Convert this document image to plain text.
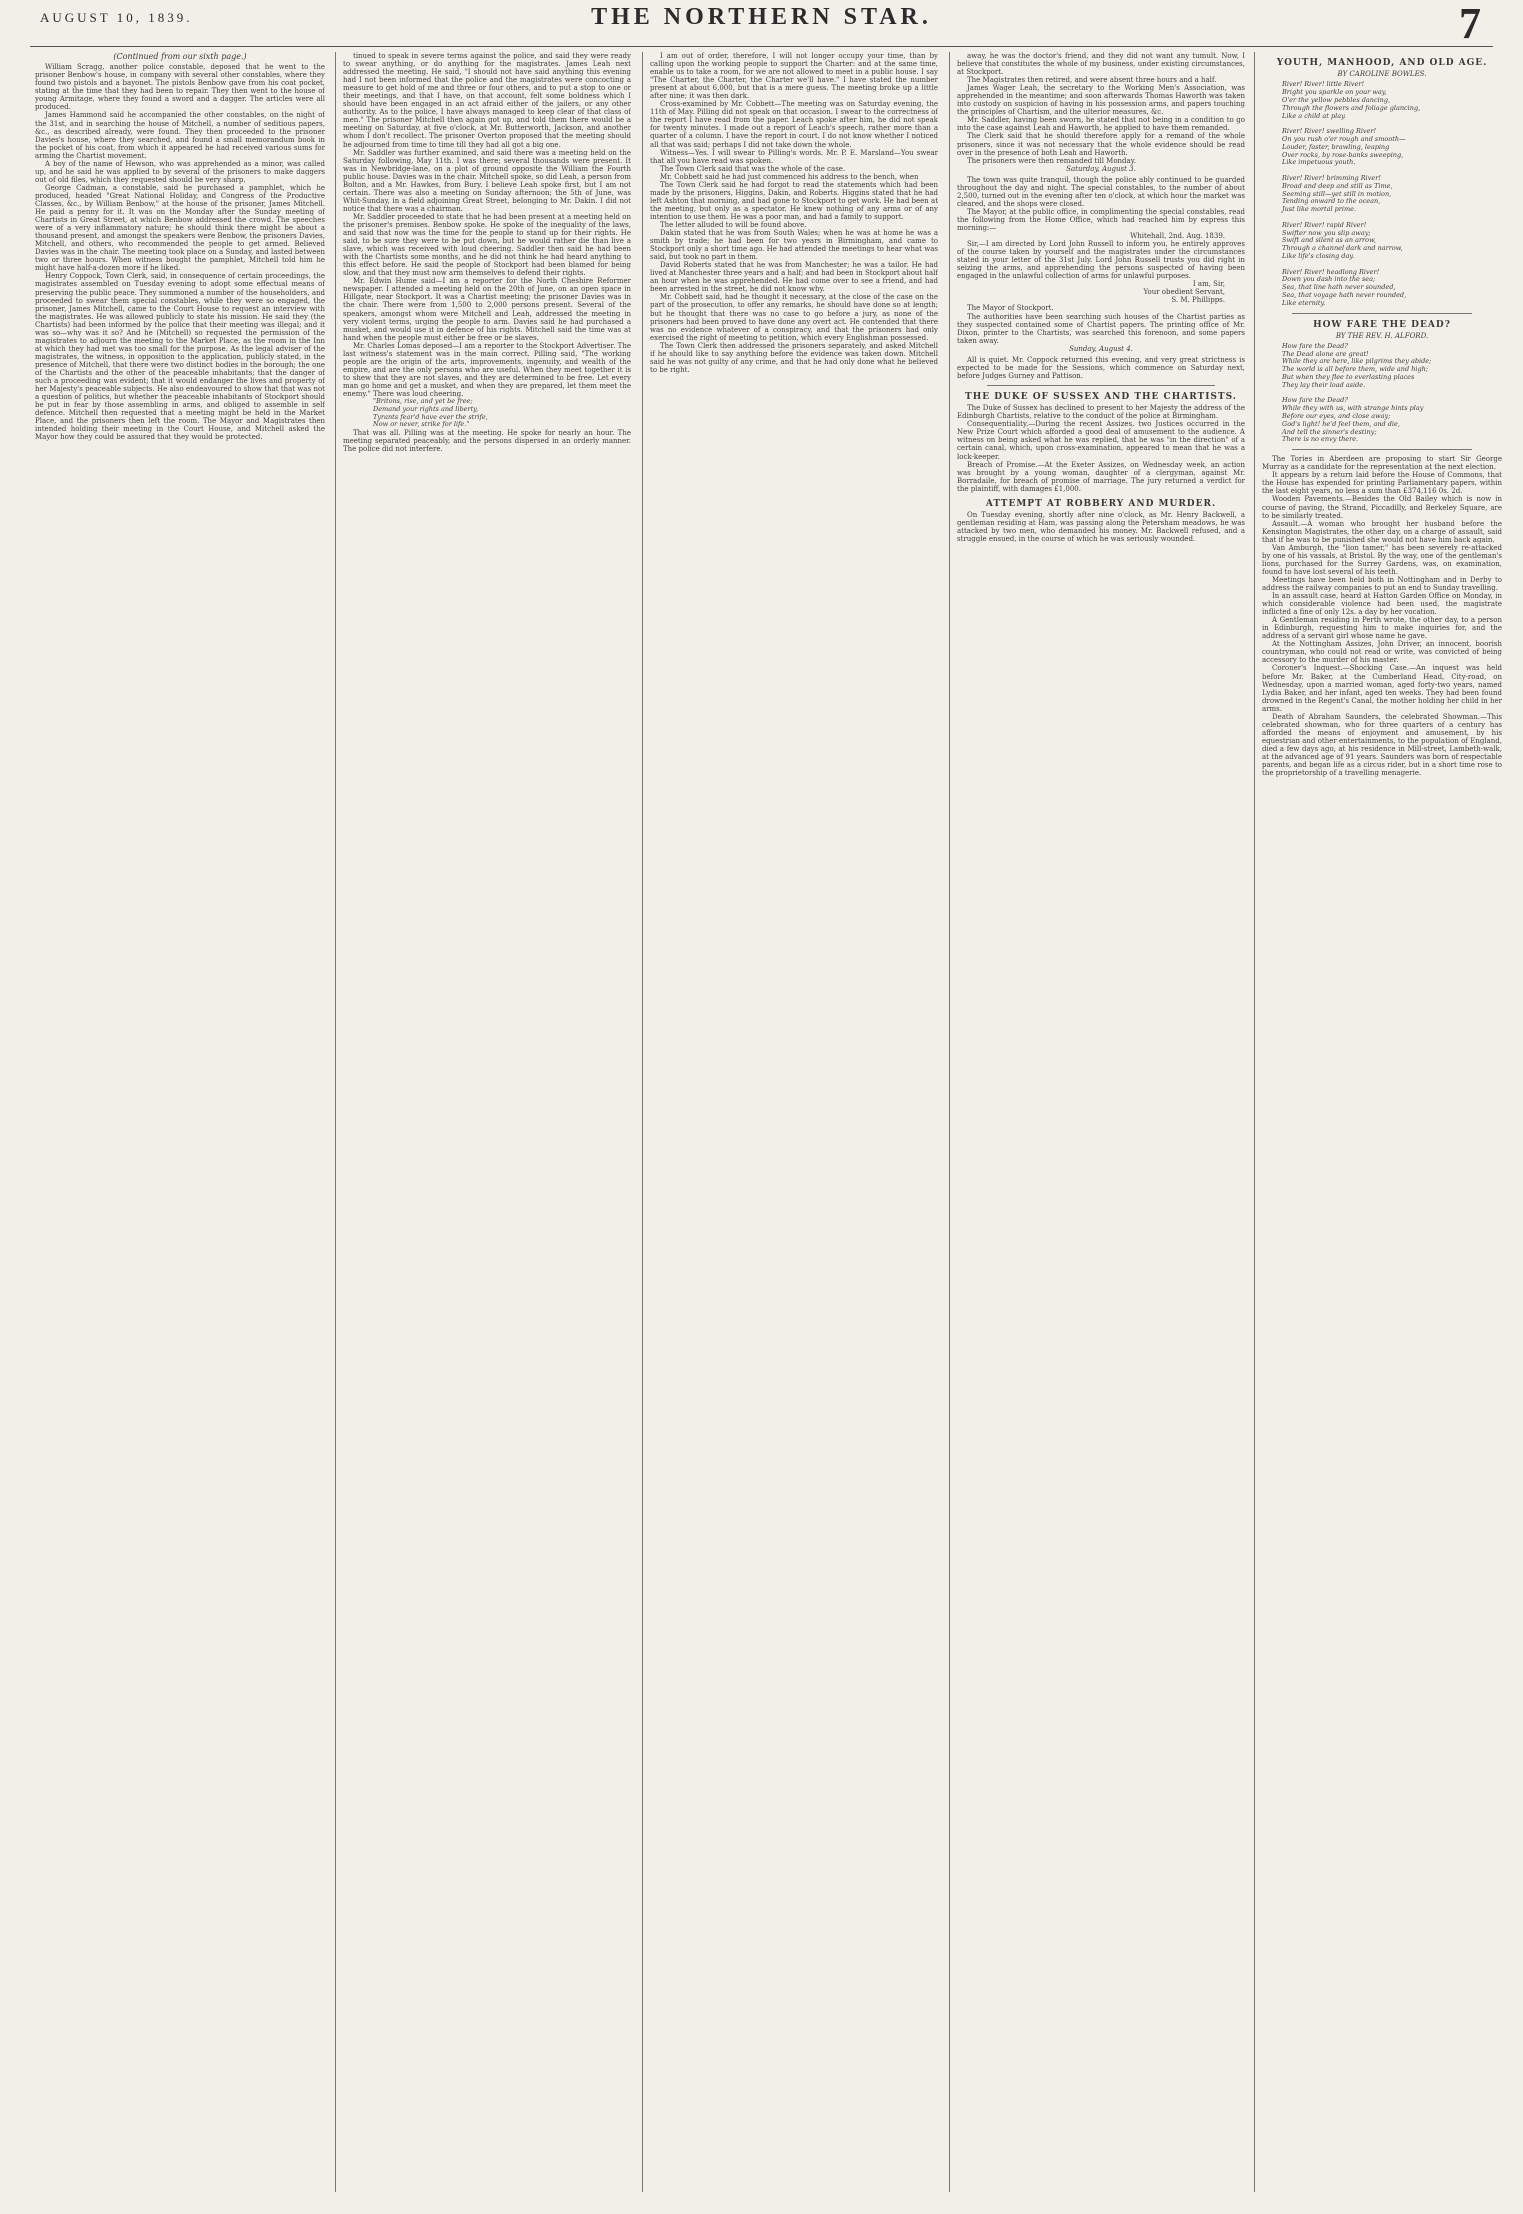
AUGUST 10, 1839.	THE NORTHERN STAR.	7
(Continued from our sixth page.)

William Scragg, another police constable, deposed that he went to the prisoner Benbow's house, in company with several other constables, where they found two pistols and a bayonet. The pistols Benbow gave from his coat pocket, stating at the time that they had been to repair. They then went to the house of young Armitage, where they found a sword and a dagger. The articles were all produced.

James Hammond said he accompanied the other constables, on the night of the 31st, and in searching the house of Mitchell, a number of seditious papers, &c., as described already, were found. They then proceeded to the prisoner Davies's house, where they searched, and found a small memorandum book in the pocket of his coat, from which it appeared he had received various sums for arming the Chartist movement.

A boy of the name of Hewson, who was apprehended as a minor, was called up, and he said he was applied to by several of the prisoners to make daggers out of old files, which they requested should be very sharp.

George Cadman, a constable, said he purchased a pamphlet, which he produced, headed "Great National Holiday, and Congress of the Productive Classes, &c., by William Benbow," at the house of the prisoner, James Mitchell. He paid a penny for it. It was on the Monday after the Sunday meeting of Chartists in Great Street, at which Benbow addressed the crowd. The speeches were of a very inflammatory nature; he should think there might be about a thousand present, and amongst the speakers were Benbow, the prisoners Davies, Mitchell, and others, who recommended the people to get armed. Believed Davies was in the chair. The meeting took place on a Sunday, and lasted between two or three hours. When witness bought the pamphlet, Mitchell told him he might have half-a-dozen more if he liked.

Henry Coppock, Town Clerk, said, in consequence of certain proceedings, the magistrates assembled on Tuesday evening to adopt some effectual means of preserving the public peace. They summoned a number of the householders, and proceeded to swear them special constables, while they were so engaged, the prisoner, James Mitchell, came to the Court House to request an interview with the magistrates. He was allowed publicly to state his mission. He said they (the Chartists) had been informed by the police that their meeting was illegal; and it was so—why was it so? And he (Mitchell) so requested the permission of the magistrates to adjourn the meeting to the Market Place, as the room in the Inn at which they had met was too small for the purpose. As the legal adviser of the magistrates, the witness, in opposition to the application, publicly stated, in the presence of Mitchell, that there were two distinct bodies in the borough; the one of the Chartists and the other of the peaceable inhabitants; that the danger of such a proceeding was evident; that it would endanger the lives and property of her Majesty's peaceable subjects. He also endeavoured to show that that was not a question of politics, but whether the peaceable inhabitants of Stockport should be put in fear by those assembling in arms, and obliged to assemble in self defence. Mitchell then requested that a meeting might be held in the Market Place, and the prisoners then left the room. The Mayor and Magistrates then intended holding their meeting in the Court House, and Mitchell asked the Mayor how they could be assured that they would be protected.

tinued to speak in severe terms against the police, and said they were ready to swear anything, or do anything for the magistrates. James Leah next addressed the meeting. He said, "I should not have said anything this evening had I not been informed that the police and the magistrates were concocting a measure to get hold of me and three or four others, and to put a stop to one or their meetings, and that I have, on that account, felt some boldness which I should have been engaged in an act afraid either of the jailers, or any other authority. As to the police, I have always managed to keep clear of that class of men." The prisoner Mitchell then again got up, and told them there would be a meeting on Saturday, at five o'clock, at Mr. Butterworth, Jackson, and another whom I don't recollect. The prisoner Overton proposed that the meeting should be adjourned from time to time till they had all got a big one.

Mr. Saddler was further examined, and said there was a meeting held on the Saturday following, May 11th. I was there; several thousands were present. It was in Newbridge-lane, on a plot of ground opposite the William the Fourth public house. Davies was in the chair. Mitchell spoke, so did Leah, a person from Bolton, and a Mr. Hawkes, from Bury. I believe Leah spoke first, but I am not certain. There was also a meeting on Sunday afternoon; the 5th of June, was Whit-Sunday, in a field adjoining Great Street, belonging to Mr. Dakin. I did not notice that there was a chairman.

Mr. Saddler proceeded to state that he had been present at a meeting held on the prisoner's premises. Benbow spoke. He spoke of the inequality of the laws, and said that now was the time for the people to stand up for their rights. He said, to be sure they were to be put down, but he would rather die than live a slave, which was received with loud cheering. Saddler then said he had been with the Chartists some months, and he did not think he had heard anything to this effect before. He said the people of Stockport had been blamed for being slow, and that they must now arm themselves to defend their rights.

Mr. Edwin Hume said—I am a reporter for the North Cheshire Reformer newspaper. I attended a meeting held on the 20th of June, on an open space in Hillgate, near Stockport. It was a Chartist meeting; the prisoner Davies was in the chair. There were from 1,500 to 2,000 persons present. Several of the speakers, amongst whom were Mitchell and Leah, addressed the meeting in very violent terms, urging the people to arm. Davies said he had purchased a musket, and would use it in defence of his rights. Mitchell said the time was at hand when the people must either be free or be slaves.

Mr. Charles Lomas deposed—I am a reporter to the Stockport Advertiser. The last witness's statement was in the main correct. Pilling said, "The working people are the origin of the arts, improvements, ingenuity, and wealth of the empire, and are the only persons who are useful. When they meet together it is to shew that they are not slaves, and they are determined to be free. Let every man go home and get a musket, and when they are prepared, let them meet the enemy." There was loud cheering.

"Britons, rise, and yet be free;
Demand your rights and liberty,
Tyrants fear'd have ever the strife,
Now or never, strike for life."

That was all. Pilling was at the meeting. He spoke for nearly an hour. The meeting separated peaceably, and the persons dispersed in an orderly manner. The police did not interfere.

I am out of order, therefore, I will not longer occupy your time, than by calling upon the working people to support the Charter: and at the same time, enable us to take a room, for we are not allowed to meet in a public house. I say "The Charter, the Charter, the Charter we'll have." I have stated the number present at about 6,000, but that is a mere guess. The meeting broke up a little after nine; it was then dark.

Cross-examined by Mr. Cobbett—The meeting was on Saturday evening, the 11th of May. Pilling did not speak on that occasion. I swear to the correctness of the report I have read from the paper. Leach spoke after him, he did not speak for twenty minutes. I made out a report of Leach's speech, rather more than a quarter of a column. I have the report in court. I do not know whether I noticed all that was said; perhaps I did not take down the whole.

Witness—Yes. I will swear to Pilling's words. Mr. P. E. Marsland—You swear that all you have read was spoken.

The Town Clerk said that was the whole of the case.

Mr. Cobbett said he had just commenced his address to the bench, when

The Town Clerk said he had forgot to read the statements which had been made by the prisoners, Higgins, Dakin, and Roberts. Higgins stated that he had left Ashton that morning, and had gone to Stockport to get work. He had been at the meeting, but only as a spectator. He knew nothing of any arms or of any intention to use them. He was a poor man, and had a family to support.

The letter alluded to will be found above.

Dakin stated that he was from South Wales; when he was at home he was a smith by trade; he had been for two years in Birmingham, and came to Stockport only a short time ago. He had attended the meetings to hear what was said, but took no part in them.

David Roberts stated that he was from Manchester; he was a tailor. He had lived at Manchester three years and a half; and had been in Stockport about half an hour when he was apprehended. He had come over to see a friend, and had been arrested in the street, he did not know why.

Mr. Cobbett said, had he thought it necessary, at the close of the case on the part of the prosecution, to offer any remarks, he should have done so at length; but he thought that there was no case to go before a jury, as none of the prisoners had been proved to have done any overt act. He contended that there was no evidence whatever of a conspiracy, and that the prisoners had only exercised the right of meeting to petition, which every Englishman possessed.

The Town Clerk then addressed the prisoners separately, and asked Mitchell if he should like to say anything before the evidence was taken down. Mitchell said he was not guilty of any crime, and that he had only done what he believed to be right.

away, he was the doctor's friend, and they did not want any tumult. Now, I believe that constitutes the whole of my business, under existing circumstances, at Stockport.

The Magistrates then retired, and were absent three hours and a half.

James Wager Leah, the secretary to the Working Men's Association, was apprehended in the meantime; and soon afterwards Thomas Haworth was taken into custody on suspicion of having in his possession arms, and papers touching the principles of Chartism, and the ulterior measures, &c.

Mr. Saddler, having been sworn, he stated that not being in a condition to go into the case against Leah and Haworth, he applied to have them remanded.

The Clerk said that he should therefore apply for a remand of the whole prisoners, since it was not necessary that the whole evidence should be read over in the presence of both Leah and Haworth.

The prisoners were then remanded till Monday.

Saturday, August 3.

The town was quite tranquil, though the police ably continued to be guarded throughout the day and night. The special constables, to the number of about 2,500, turned out in the evening after ten o'clock, at which hour the market was cleared, and the shops were closed.

The Mayor, at the public office, in complimenting the special constables, read the following from the Home Office, which had reached him by express this morning:—

Whitehall, 2nd. Aug. 1839.

Sir,—I am directed by Lord John Russell to inform you, he entirely approves of the course taken by yourself and the magistrates under the circumstances stated in your letter of the 31st July. Lord John Russell trusts you did right in seizing the arms, and apprehending the persons suspected of having been engaged in the unlawful collection of arms for unlawful purposes.

I am, Sir,
Your obedient Servant,
S. M. Phillipps.

The Mayor of Stockport.

The authorities have been searching such houses of the Chartist parties as they suspected contained some of Chartist papers. The printing office of Mr. Dixon, printer to the Chartists, was searched this forenoon, and some papers taken away.

Sunday, August 4.

All is quiet. Mr. Coppock returned this evening, and very great strictness is expected to be made for the Sessions, which commence on Saturday next, before Judges Gurney and Pattison.

THE DUKE OF SUSSEX AND THE CHARTISTS.

The Duke of Sussex has declined to present to her Majesty the address of the Edinburgh Chartists, relative to the conduct of the police at Birmingham.

Consequentiality.—During the recent Assizes, two Justices occurred in the New Prize Court which afforded a good deal of amusement to the audience. A witness on being asked what he was replied, that he was "in the direction" of a certain canal, which, upon cross-examination, appeared to mean that he was a lock-keeper.

Breach of Promise.—At the Exeter Assizes, on Wednesday week, an action was brought by a young woman, daughter of a clergyman, against Mr. Borradaile, for breach of promise of marriage. The jury returned a verdict for the plaintiff, with damages £1,000.

ATTEMPT AT ROBBERY AND MURDER.

On Tuesday evening, shortly after nine o'clock, as Mr. Henry Backwell, a gentleman residing at Ham, was passing along the Petersham meadows, he was attacked by two men, who demanded his money. Mr. Backwell refused, and a struggle ensued, in the course of which he was seriously wounded.

YOUTH, MANHOOD, AND OLD AGE.
BY CAROLINE BOWLES.
River! River! little River!
Bright you sparkle on your way,
O'er the yellow pebbles dancing,
Through the flowers and foliage glancing,
Like a child at play.

River! River! swelling River!
On you rush o'er rough and smooth—
Louder, faster, brawling, leaping
Over rocks, by rose-banks sweeping,
Like impetuous youth.

River! River! brimming River!
Broad and deep and still as Time,
Seeming still—yet still in motion,
Tending onward to the ocean,
Just like mortal prime.

River! River! rapid River!
Swifter now you slip away;
Swift and silent as an arrow,
Through a channel dark and narrow,
Like life's closing day.

River! River! headlong River!
Down you dash into the sea;
Sea, that line hath never sounded,
Sea, that voyage hath never rounded,
Like eternity.
HOW FARE THE DEAD?
BY THE REV. H. ALFORD.
How fare the Dead?
The Dead alone are great!
While they are here, like pilgrims they abide;
The world is all before them, wide and high;
But when they flee to everlasting places
They lay their load aside.

How fare the Dead?
While they with us, with strange hints play
Before our eyes, and close away;
God's light! he'd feel them, and die,
And tell the sinner's destiny;
There is no envy there.

The Tories in Aberdeen are proposing to start Sir George Murray as a candidate for the representation at the next election.

It appears by a return laid before the House of Commons, that the House has expended for printing Parliamentary papers, within the last eight years, no less a sum than £374,116 0s. 2d.

Wooden Pavements.—Besides the Old Bailey which is now in course of paving, the Strand, Piccadilly, and Berkeley Square, are to be similarly treated.

Assault.—A woman who brought her husband before the Kensington Magistrates, the other day, on a charge of assault, said that if he was to be punished she would not have him back again.

Van Amburgh, the "lion tamer," has been severely re-attacked by one of his vassals, at Bristol. By the way, one of the gentleman's lions, purchased for the Surrey Gardens, was, on examination, found to have lost several of his teeth.

Meetings have been held both in Nottingham and in Derby to address the railway companies to put an end to Sunday travelling.

In an assault case, heard at Hatton Garden Office on Monday, in which considerable violence had been used, the magistrate inflicted a fine of only 12s. a day by her vocation.

A Gentleman residing in Perth wrote, the other day, to a person in Edinburgh, requesting him to make inquiries for, and the address of a servant girl whose name he gave.

At the Nottingham Assizes, John Driver, an innocent, boorish countryman, who could not read or write, was convicted of being accessory to the murder of his master.

Coroner's Inquest.—Shocking Case.—An inquest was held before Mr. Baker, at the Cumberland Head, City-road, on Wednesday, upon a married woman, aged forty-two years, named Lydia Baker, and her infant, aged ten weeks. They had been found drowned in the Regent's Canal, the mother holding her child in her arms.

Death of Abraham Saunders, the celebrated Showman.—This celebrated showman, who for three quarters of a century has afforded the means of enjoyment and amusement, by his equestrian and other entertainments, to the population of England, died a few days ago, at his residence in Mill-street, Lambeth-walk, at the advanced age of 91 years. Saunders was born of respectable parents, and began life as a circus rider, but in a short time rose to the proprietorship of a travelling menagerie.
